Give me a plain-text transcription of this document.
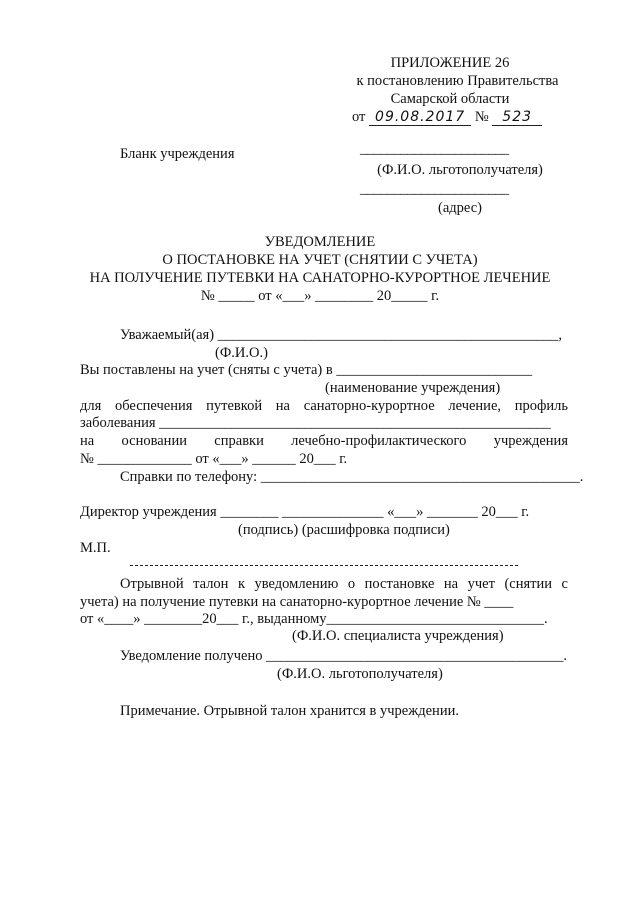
ПРИЛОЖЕНИЕ 26
к постановлению Правительства
Самарской области
от 09.08.2017 № 523
Бланк учреждения	______________________
(Ф.И.О. льготополучателя)
______________________
(адрес)
УВЕДОМЛЕНИЕ
О ПОСТАНОВКЕ НА УЧЕТ (СНЯТИИ С УЧЕТА)
НА ПОЛУЧЕНИЕ ПУТЕВКИ НА САНАТОРНО-КУРОРТНОЕ ЛЕЧЕНИЕ
№ _____ от «___» ________ 20_____ г.
Уважаемый(ая) _______________________________________________,
(Ф.И.О.)
Вы поставлены на учет (сняты с учета) в ___________________________
(наименование учреждения)
для обеспечения путевкой на санаторно-курортное лечение, профиль
заболевания ______________________________________________________
на основании справки лечебно-профилактического учреждения
№ _____________ от «___» ______ 20___ г.
Справки по телефону: ____________________________________________.
Директор учреждения ________ ______________ «___» _______ 20___ г.
(подпись) (расшифровка подписи)
М.П.
Отрывной талон к уведомлению о постановке на учет (снятии с
учета) на получение путевки на санаторно-курортное лечение № ____
от «____» ________20___ г., выданному______________________________.
(Ф.И.О. специалиста учреждения)
Уведомление получено _________________________________________.
(Ф.И.О. льготополучателя)
Примечание. Отрывной талон хранится в учреждении.
